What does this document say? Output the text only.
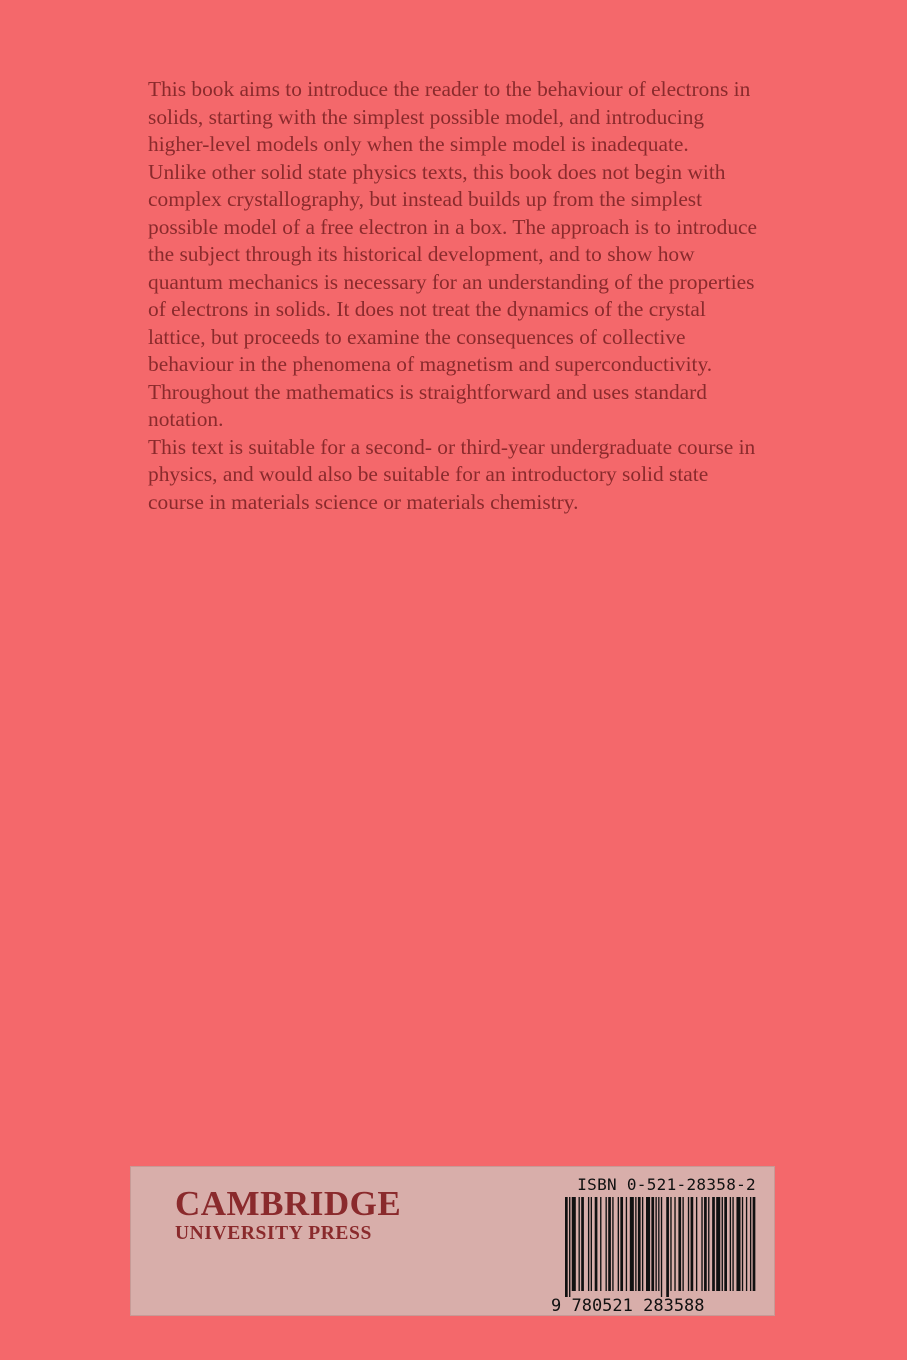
This book aims to introduce the reader to the behaviour of electrons in solids, starting with the simplest possible model, and introducing higher-level models only when the simple model is inadequate.

Unlike other solid state physics texts, this book does not begin with complex crystallography, but instead builds up from the simplest possible model of a free electron in a box. The approach is to introduce the subject through its historical development, and to show how quantum mechanics is necessary for an understanding of the properties of electrons in solids. It does not treat the dynamics of the crystal lattice, but proceeds to examine the consequences of collective behaviour in the phenomena of magnetism and superconductivity. Throughout the mathematics is straightforward and uses standard notation.

This text is suitable for a second- or third-year undergraduate course in physics, and would also be suitable for an introductory solid state course in materials science or materials chemistry.

CAMBRIDGE
UNIVERSITY PRESS
ISBN 0-521-28358-2
9 780521 283588
